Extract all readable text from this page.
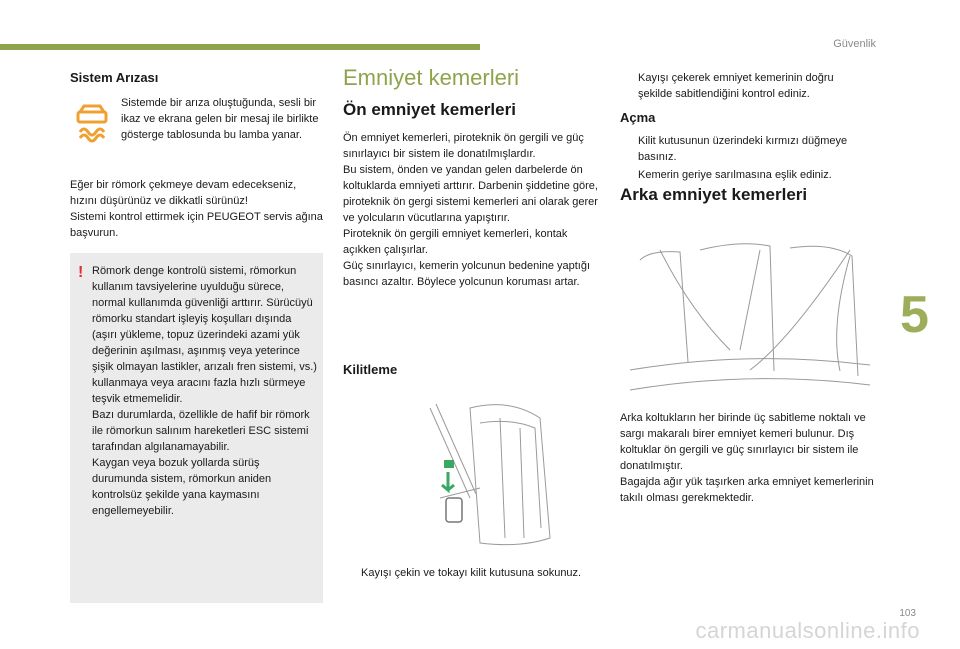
Güvenlik
5
Sistem Arızası
Sistemde bir arıza oluştuğunda, sesli bir ikaz ve ekrana gelen bir mesaj ile birlikte gösterge tablosunda bu lamba yanar.
Eğer bir römork çekmeye devam edecekseniz, hızını düşürünüz ve dikkatli sürünüz!
Sistemi kontrol ettirmek için PEUGEOT servis ağına başvurun.
! Römork denge kontrolü sistemi, römorkun kullanım tavsiyelerine uyulduğu sürece, normal kullanımda güvenliği arttırır. Sürücüyü römorku standart işleyiş koşulları dışında (aşırı yükleme, topuz üzerindeki azami yük değerinin aşılması, aşınmış veya yeterince şişik olmayan lastikler, arızalı fren sistemi, vs.) kullanmaya veya aracını fazla hızlı sürmeye teşvik etmemelidir.
Bazı durumlarda, özellikle de hafif bir römork ile römorkun salınım hareketleri ESC sistemi tarafından algılanamayabilir.
Kaygan veya bozuk yollarda sürüş durumunda sistem, römorkun aniden kontrolsüz şekilde yana kaymasını engellemeyebilir.
Emniyet kemerleri
Ön emniyet kemerleri
Ön emniyet kemerleri, piroteknik ön gergili ve güç sınırlayıcı bir sistem ile donatılmışlardır.
Bu sistem, önden ve yandan gelen darbelerde ön koltuklarda emniyeti arttırır. Darbenin şiddetine göre, piroteknik ön gergi sistemi kemerleri ani olarak gerer ve yolcuların vücutlarına yapıştırır.
Piroteknik ön gergili emniyet kemerleri, kontak açıkken çalışırlar.
Güç sınırlayıcı, kemerin yolcunun bedenine yaptığı basıncı azaltır. Böylece yolcunun koruması artar.
Kilitleme
Kayışı çekin ve tokayı kilit kutusuna sokunuz.
Kayışı çekerek emniyet kemerinin doğru şekilde sabitlendiğini kontrol ediniz.
Açma
Kilit kutusunun üzerindeki kırmızı düğmeye basınız.
Kemerin geriye sarılmasına eşlik ediniz.
Arka emniyet kemerleri
Arka koltukların her birinde üç sabitleme noktalı ve sargı makaralı birer emniyet kemeri bulunur. Dış koltuklar ön gergili ve güç sınırlayıcı bir sistem ile donatılmıştır.
Bagajda ağır yük taşırken arka emniyet kemerlerinin takılı olması gerekmektedir.
103
carmanualsonline.info
